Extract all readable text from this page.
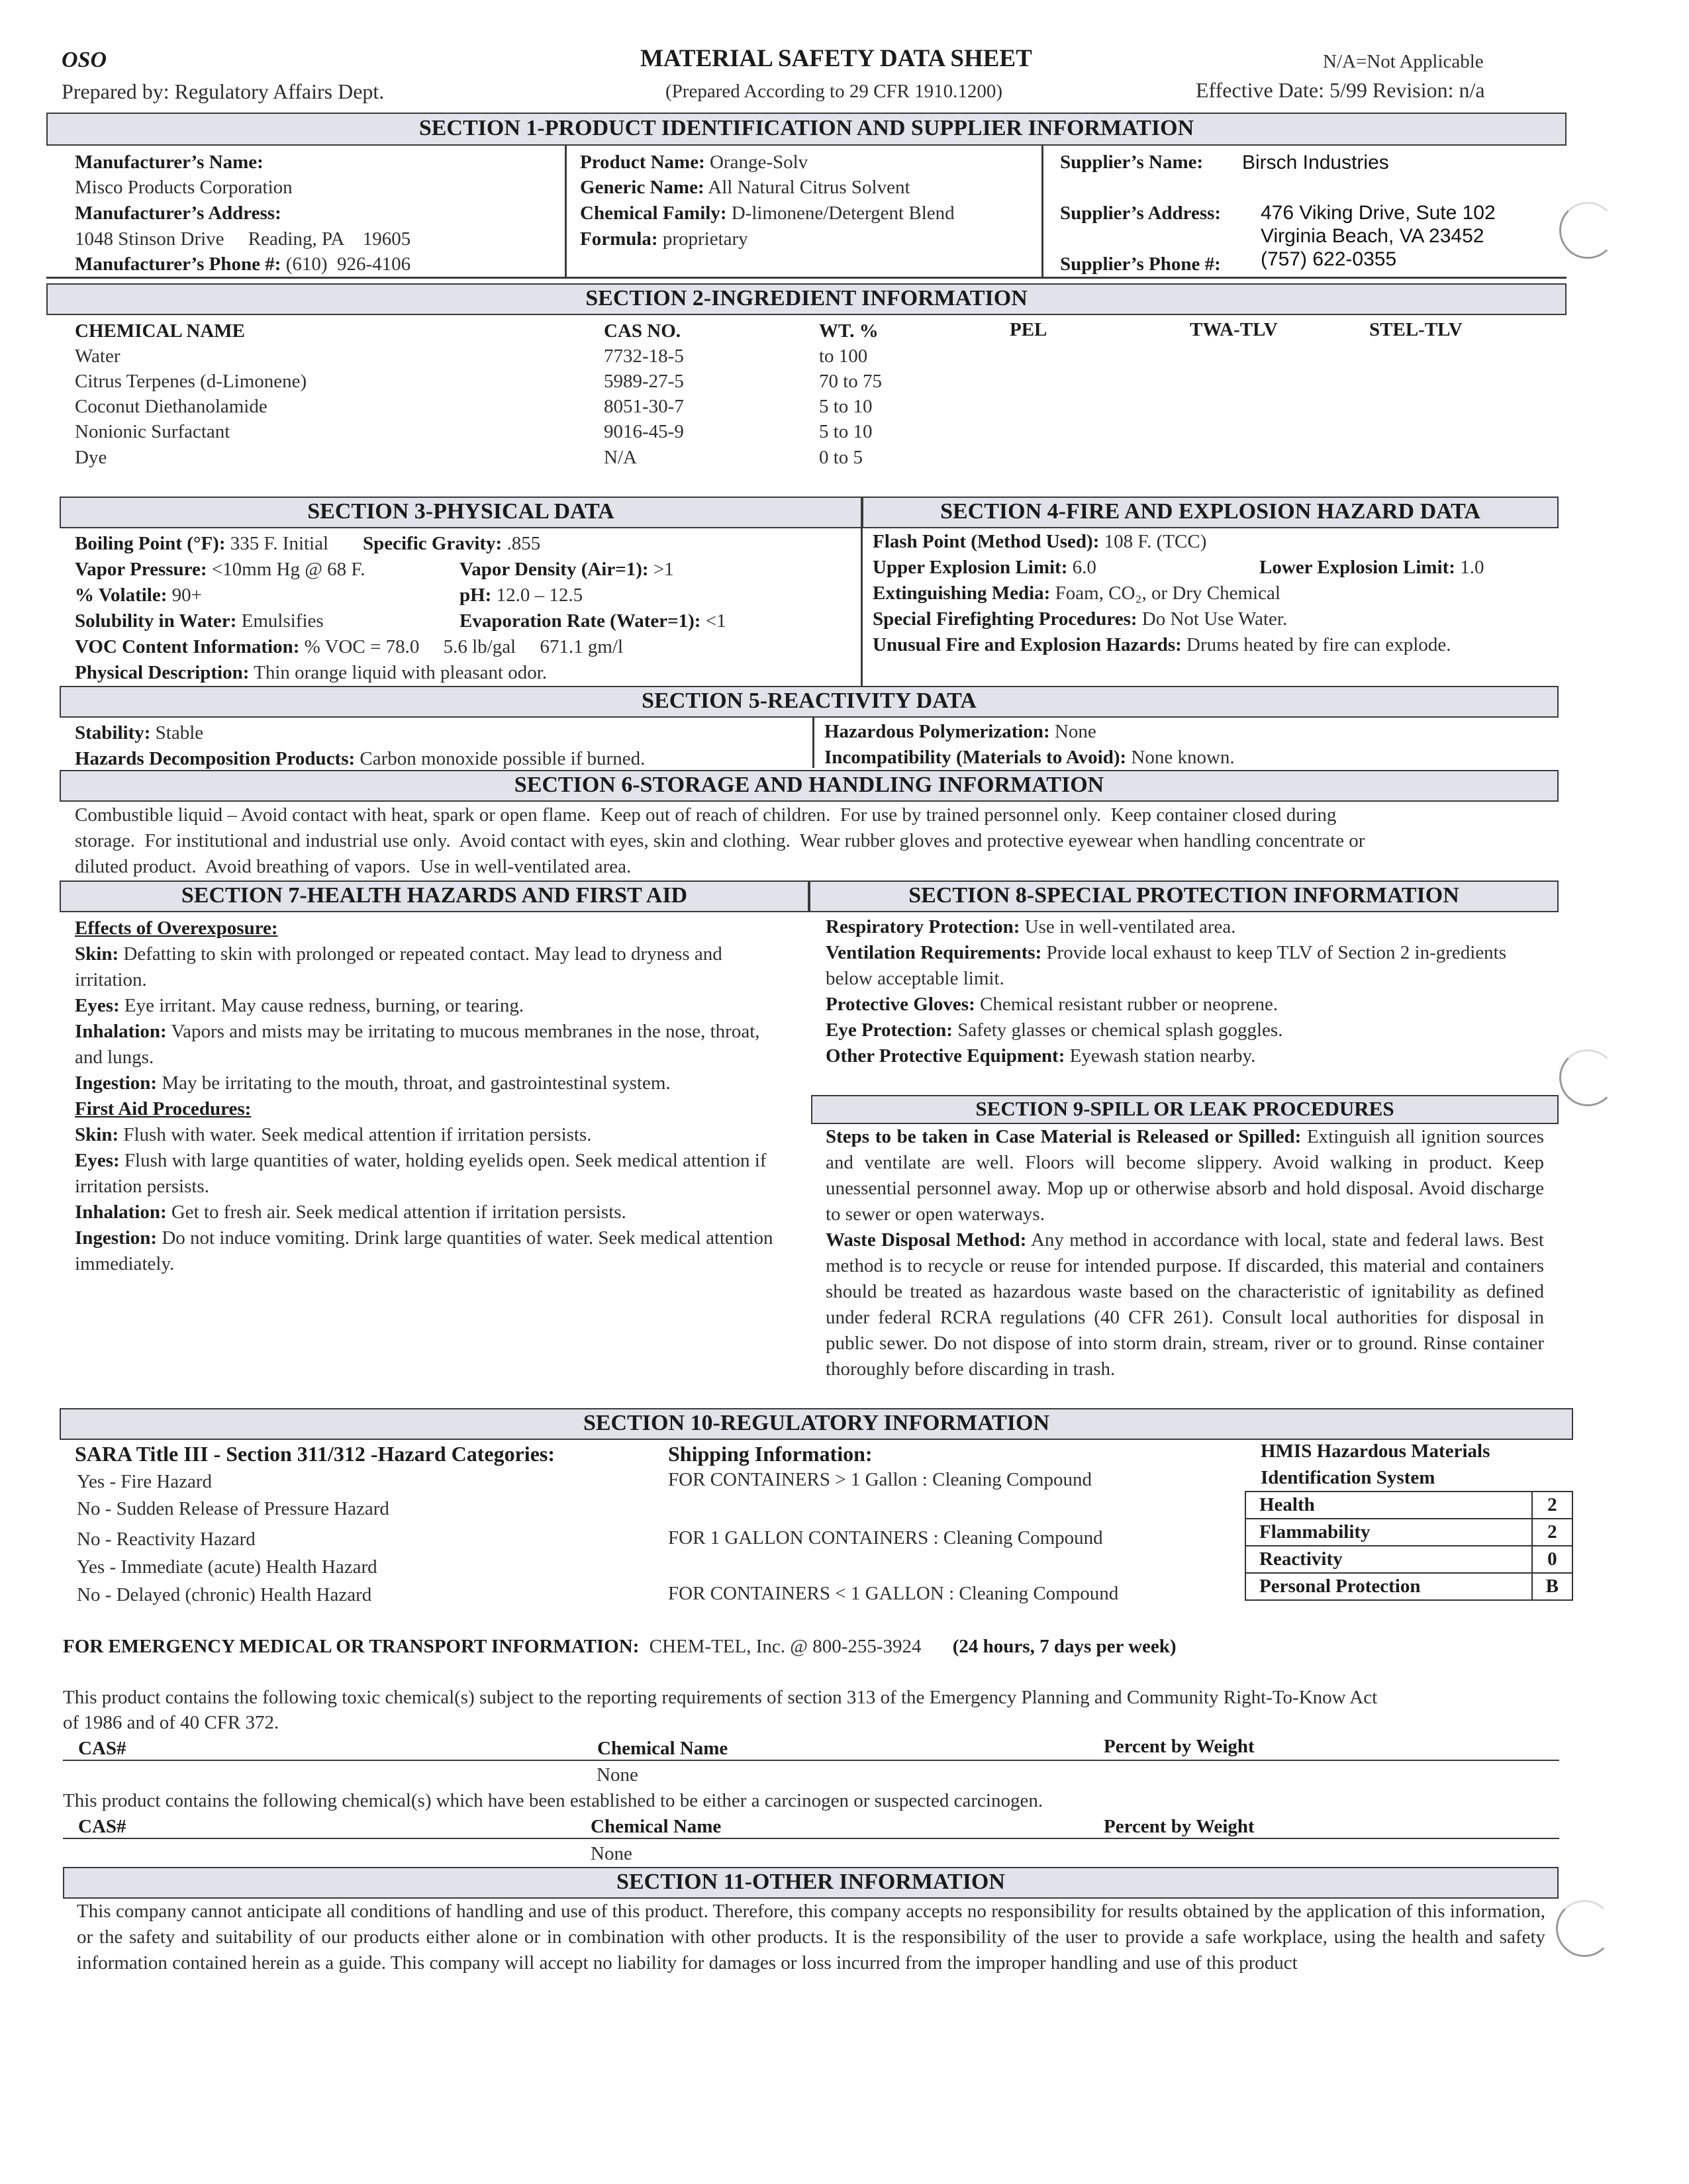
OSO
Prepared by: Regulatory Affairs Dept.
MATERIAL SAFETY DATA SHEET
(Prepared According to 29 CFR 1910.1200)
N/A=Not Applicable
Effective Date: 5/99 Revision: n/a
SECTION 1-PRODUCT IDENTIFICATION AND SUPPLIER INFORMATION
Manufacturer’s Name:
Misco Products Corporation
Manufacturer’s Address:
1048 Stinson Drive     Reading, PA    19605
Manufacturer’s Phone #: (610)  926-4106
Product Name: Orange-Solv
Generic Name: All Natural Citrus Solvent
Chemical Family: D-limonene/Detergent Blend
Formula: proprietary
Supplier’s Name: Birsch Industries
Supplier’s Address: 476 Viking Drive, Sute 102
Virginia Beach, VA 23452
Supplier’s Phone #: (757) 622-0355
SECTION 2-INGREDIENT INFORMATION
CHEMICAL NAME	CAS NO.	WT. %	PEL	TWA-TLV	STEL-TLV
Water	7732-18-5	to 100
Citrus Terpenes (d-Limonene)	5989-27-5	70 to 75
Coconut Diethanolamide	8051-30-7	5 to 10
Nonionic Surfactant	9016-45-9	5 to 10
Dye	N/A	0 to 5
SECTION 3-PHYSICAL DATA	SECTION 4-FIRE AND EXPLOSION HAZARD DATA
Boiling Point (°F): 335 F. Initial Specific Gravity: .855
Vapor Pressure: <10mm Hg @ 68 F.	Vapor Density (Air=1): >1
% Volatile: 90+	pH: 12.0 – 12.5
Solubility in Water: Emulsifies	Evaporation Rate (Water=1): <1
VOC Content Information: % VOC = 78.0     5.6 lb/gal     671.1 gm/l
Physical Description: Thin orange liquid with pleasant odor.
Flash Point (Method Used): 108 F. (TCC)
Upper Explosion Limit: 6.0	Lower Explosion Limit: 1.0
Extinguishing Media: Foam, CO₂, or Dry Chemical
Special Firefighting Procedures: Do Not Use Water.
Unusual Fire and Explosion Hazards: Drums heated by fire can explode.
SECTION 5-REACTIVITY DATA
Stability: Stable
Hazards Decomposition Products: Carbon monoxide possible if burned.
Hazardous Polymerization: None
Incompatibility (Materials to Avoid): None known.
SECTION 6-STORAGE AND HANDLING INFORMATION
Combustible liquid – Avoid contact with heat, spark or open flame.  Keep out of reach of children.  For use by trained personnel only.  Keep container closed during
storage.  For institutional and industrial use only.  Avoid contact with eyes, skin and clothing.  Wear rubber gloves and protective eyewear when handling concentrate or
diluted product.  Avoid breathing of vapors.  Use in well-ventilated area.
SECTION 7-HEALTH HAZARDS AND FIRST AID	SECTION 8-SPECIAL PROTECTION INFORMATION
Effects of Overexposure:
Skin: Defatting to skin with prolonged or repeated contact. May lead to dryness and irritation.
Eyes: Eye irritant. May cause redness, burning, or tearing.
Inhalation: Vapors and mists may be irritating to mucous membranes in the nose, throat, and lungs.
Ingestion: May be irritating to the mouth, throat, and gastrointestinal system.
First Aid Procedures:
Skin: Flush with water. Seek medical attention if irritation persists.
Eyes: Flush with large quantities of water, holding eyelids open. Seek medical attention if irritation persists.
Inhalation: Get to fresh air. Seek medical attention if irritation persists.
Ingestion: Do not induce vomiting. Drink large quantities of water. Seek medical attention immediately.
Respiratory Protection: Use in well-ventilated area.
Ventilation Requirements: Provide local exhaust to keep TLV of Section 2 in-gredients below acceptable limit.
Protective Gloves: Chemical resistant rubber or neoprene.
Eye Protection: Safety glasses or chemical splash goggles.
Other Protective Equipment: Eyewash station nearby.
SECTION 9-SPILL OR LEAK PROCEDURES
Steps to be taken in Case Material is Released or Spilled: Extinguish all ignition sources and ventilate are well. Floors will become slippery. Avoid walking in product. Keep unessential personnel away. Mop up or otherwise absorb and hold disposal. Avoid discharge to sewer or open waterways.
Waste Disposal Method: Any method in accordance with local, state and federal laws. Best method is to recycle or reuse for intended purpose. If discarded, this material and containers should be treated as hazardous waste based on the characteristic of ignitability as defined under federal RCRA regulations (40 CFR 261). Consult local authorities for disposal in public sewer. Do not dispose of into storm drain, stream, river or to ground. Rinse container thoroughly before discarding in trash.
SECTION 10-REGULATORY INFORMATION
SARA Title III - Section 311/312 -Hazard Categories:
Yes - Fire Hazard
No - Sudden Release of Pressure Hazard
No - Reactivity Hazard
Yes - Immediate (acute) Health Hazard
No - Delayed (chronic) Health Hazard
Shipping Information:
FOR CONTAINERS > 1 Gallon : Cleaning Compound
FOR 1 GALLON CONTAINERS : Cleaning Compound
FOR CONTAINERS < 1 GALLON : Cleaning Compound
HMIS Hazardous Materials
Identification System
Health	2
Flammability	2
Reactivity	0
Personal Protection	B
FOR EMERGENCY MEDICAL OR TRANSPORT INFORMATION: CHEM-TEL, Inc. @ 800-255-3924 (24 hours, 7 days per week)
This product contains the following toxic chemical(s) subject to the reporting requirements of section 313 of the Emergency Planning and Community Right-To-Know Act
of 1986 and of 40 CFR 372.
CAS#	Chemical Name	Percent by Weight
None
This product contains the following chemical(s) which have been established to be either a carcinogen or suspected carcinogen.
CAS#	Chemical Name	Percent by Weight
None
SECTION 11-OTHER INFORMATION
This company cannot anticipate all conditions of handling and use of this product. Therefore, this company accepts no responsibility for results obtained by the application of this information, or the safety and suitability of our products either alone or in combination with other products. It is the responsibility of the user to provide a safe workplace, using the health and safety information contained herein as a guide. This company will accept no liability for damages or loss incurred from the improper handling and use of this product
